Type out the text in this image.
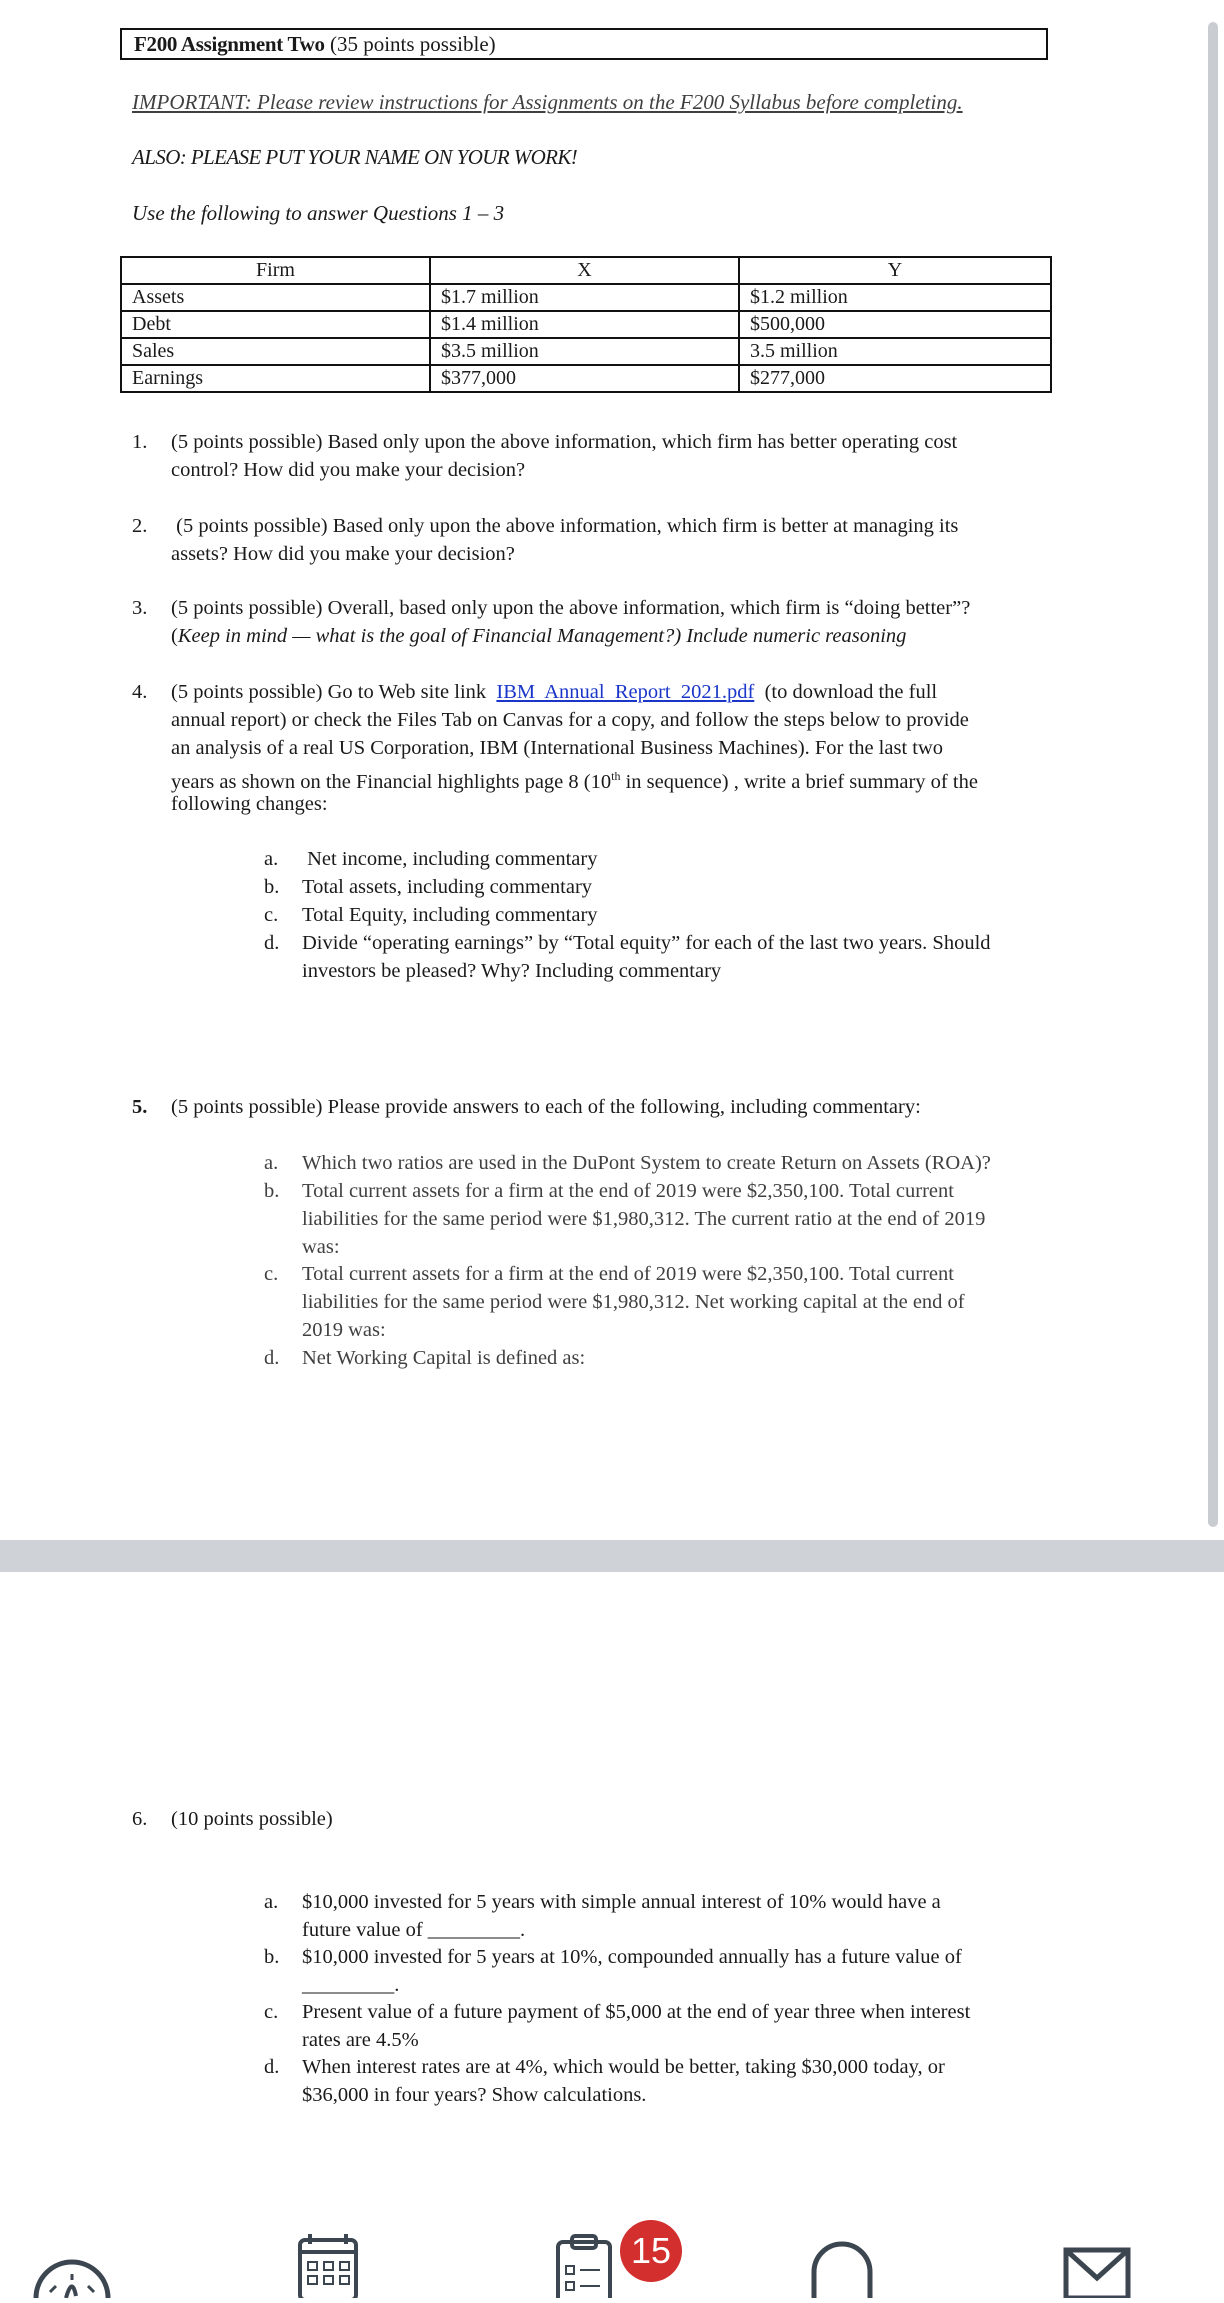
F200 Assignment Two (35 points possible)
IMPORTANT: Please review instructions for Assignments on the F200 Syllabus before completing.
ALSO: PLEASE PUT YOUR NAME ON YOUR WORK!
Use the following to answer Questions 1 – 3
Firm	X	Y
Assets	$1.7 million	$1.2 million
Debt	$1.4 million	$500,000
Sales	$3.5 million	3.5 million
Earnings	$377,000	$277,000
1. (5 points possible) Based only upon the above information, which firm has better operating cost
control? How did you make your decision?
2. (5 points possible) Based only upon the above information, which firm is better at managing its
assets? How did you make your decision?
3. (5 points possible) Overall, based only upon the above information, which firm is “doing better”?
(Keep in mind — what is the goal of Financial Management?) Include numeric reasoning
4. (5 points possible) Go to Web site link  IBM  Annual  Report  2021.pdf  (to download the full
annual report) or check the Files Tab on Canvas for a copy, and follow the steps below to provide
an analysis of a real US Corporation, IBM (International Business Machines). For the last two
years as shown on the Financial highlights page 8 (10th in sequence) , write a brief summary of the
following changes:
a.	Net income, including commentary
b.	Total assets, including commentary
c.	Total Equity, including commentary
d.	Divide “operating earnings” by “Total equity” for each of the last two years. Should
investors be pleased? Why? Including commentary
5. (5 points possible) Please provide answers to each of the following, including commentary:
a.	Which two ratios are used in the DuPont System to create Return on Assets (ROA)?
b.	Total current assets for a firm at the end of 2019 were $2,350,100. Total current
liabilities for the same period were $1,980,312. The current ratio at the end of 2019
was:
c.	Total current assets for a firm at the end of 2019 were $2,350,100. Total current
liabilities for the same period were $1,980,312. Net working capital at the end of
2019 was:
d.	Net Working Capital is defined as:
6. (10 points possible)
a.	$10,000 invested for 5 years with simple annual interest of 10% would have a
future value of _________.
b.	$10,000 invested for 5 years at 10%, compounded annually has a future value of
_________.
c.	Present value of a future payment of $5,000 at the end of year three when interest
rates are 4.5%
d.	When interest rates are at 4%, which would be better, taking $30,000 today, or
$36,000 in four years? Show calculations.
15
